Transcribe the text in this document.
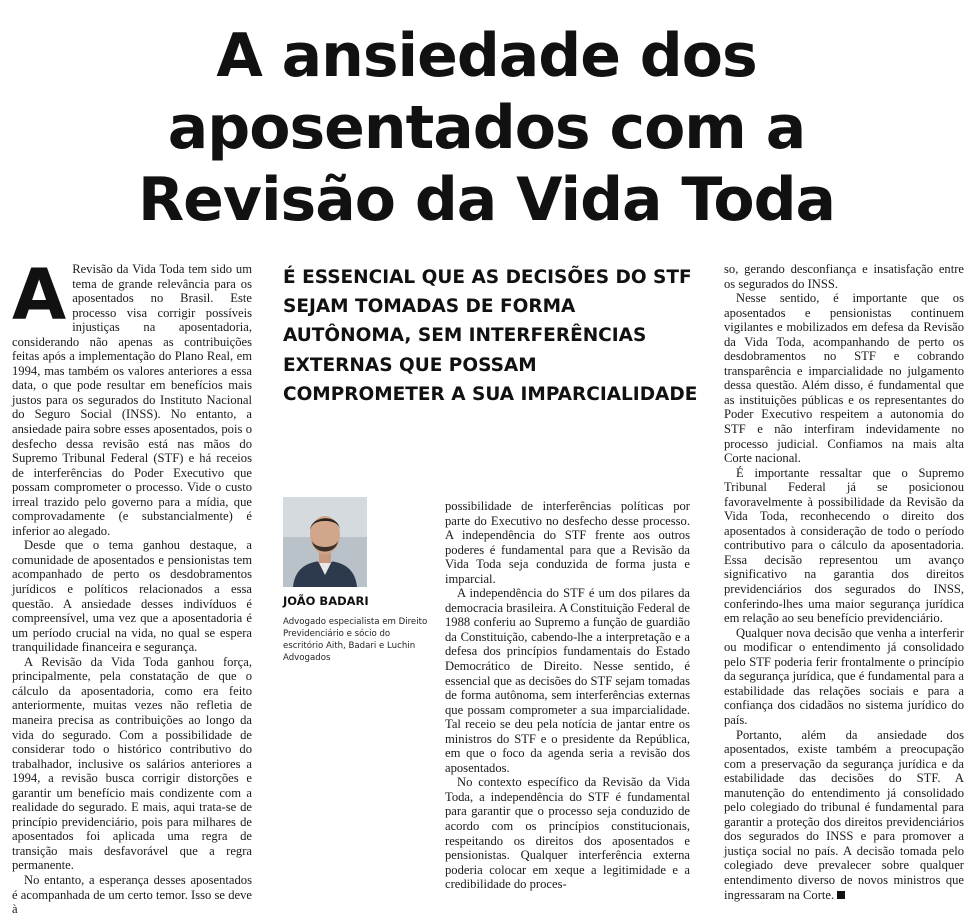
A ansiedade dos
aposentados com a
Revisão da Vida Toda
A Revisão da Vida Toda tem sido um tema de grande relevância para os aposentados no Brasil. Este processo visa corrigir possíveis injustiças na aposentadoria, considerando não apenas as contribuições feitas após a implementação do Plano Real, em 1994, mas também os valores anteriores a essa data, o que pode resultar em benefícios mais justos para os segurados do Instituto Nacional do Seguro Social (INSS). No entanto, a ansiedade paira sobre esses aposentados, pois o desfecho dessa revisão está nas mãos do Supremo Tribunal Federal (STF) e há receios de interferências do Poder Executivo que possam comprometer o processo. Vide o custo irreal trazido pelo governo para a mídia, que comprovadamente (e substancialmente) é inferior ao alegado.

Desde que o tema ganhou destaque, a comunidade de aposentados e pensionistas tem acompanhado de perto os desdobramentos jurídicos e políticos relacionados a essa questão. A ansiedade desses indivíduos é compreensível, uma vez que a aposentadoria é um período crucial na vida, no qual se espera tranquilidade financeira e segurança.

A Revisão da Vida Toda ganhou força, principalmente, pela constatação de que o cálculo da aposentadoria, como era feito anteriormente, muitas vezes não refletia de maneira precisa as contribuições ao longo da vida do segurado. Com a possibilidade de considerar todo o histórico contributivo do trabalhador, inclusive os salários anteriores a 1994, a revisão busca corrigir distorções e garantir um benefício mais condizente com a realidade do segurado. E mais, aqui trata-se de princípio previdenciário, pois para milhares de aposentados foi aplicada uma regra de transição mais desfavorável que a regra permanente.

No entanto, a esperança desses aposentados é acompanhada de um certo temor. Isso se deve à

É ESSENCIAL QUE AS DECISÕES DO STF SEJAM TOMADAS DE FORMA AUTÔNOMA, SEM INTERFERÊNCIAS EXTERNAS QUE POSSAM COMPROMETER A SUA IMPARCIALIDADE
JOÃO BADARI
Advogado especialista em Direito Previdenciário e sócio do escritório Aith, Badari e Luchin Advogados

possibilidade de interferências políticas por parte do Executivo no desfecho desse processo. A independência do STF frente aos outros poderes é fundamental para que a Revisão da Vida Toda seja conduzida de forma justa e imparcial.

A independência do STF é um dos pilares da democracia brasileira. A Constituição Federal de 1988 conferiu ao Supremo a função de guardião da Constituição, cabendo-lhe a interpretação e a defesa dos princípios fundamentais do Estado Democrático de Direito. Nesse sentido, é essencial que as decisões do STF sejam tomadas de forma autônoma, sem interferências externas que possam comprometer a sua imparcialidade. Tal receio se deu pela notícia de jantar entre os ministros do STF e o presidente da República, em que o foco da agenda seria a revisão dos aposentados.

No contexto específico da Revisão da Vida Toda, a independência do STF é fundamental para garantir que o processo seja conduzido de acordo com os princípios constitucionais, respeitando os direitos dos aposentados e pensionistas. Qualquer interferência externa poderia colocar em xeque a legitimidade e a credibilidade do proces-

so, gerando desconfiança e insatisfação entre os segurados do INSS.

Nesse sentido, é importante que os aposentados e pensionistas continuem vigilantes e mobilizados em defesa da Revisão da Vida Toda, acompanhando de perto os desdobramentos no STF e cobrando transparência e imparcialidade no julgamento dessa questão. Além disso, é fundamental que as instituições públicas e os representantes do Poder Executivo respeitem a autonomia do STF e não interfiram indevidamente no processo judicial. Confiamos na mais alta Corte nacional.

É importante ressaltar que o Supremo Tribunal Federal já se posicionou favoravelmente à possibilidade da Revisão da Vida Toda, reconhecendo o direito dos aposentados à consideração de todo o período contributivo para o cálculo da aposentadoria. Essa decisão representou um avanço significativo na garantia dos direitos previdenciários dos segurados do INSS, conferindo-lhes uma maior segurança jurídica em relação ao seu benefício previdenciário.

Qualquer nova decisão que venha a interferir ou modificar o entendimento já consolidado pelo STF poderia ferir frontalmente o princípio da segurança jurídica, que é fundamental para a estabilidade das relações sociais e para a confiança dos cidadãos no sistema jurídico do país.

Portanto, além da ansiedade dos aposentados, existe também a preocupação com a preservação da segurança jurídica e da estabilidade das decisões do STF. A manutenção do entendimento já consolidado pelo colegiado do tribunal é fundamental para garantir a proteção dos direitos previdenciários dos segurados do INSS e para promover a justiça social no país. A decisão tomada pelo colegiado deve prevalecer sobre qualquer entendimento diverso de novos ministros que ingressaram na Corte.
